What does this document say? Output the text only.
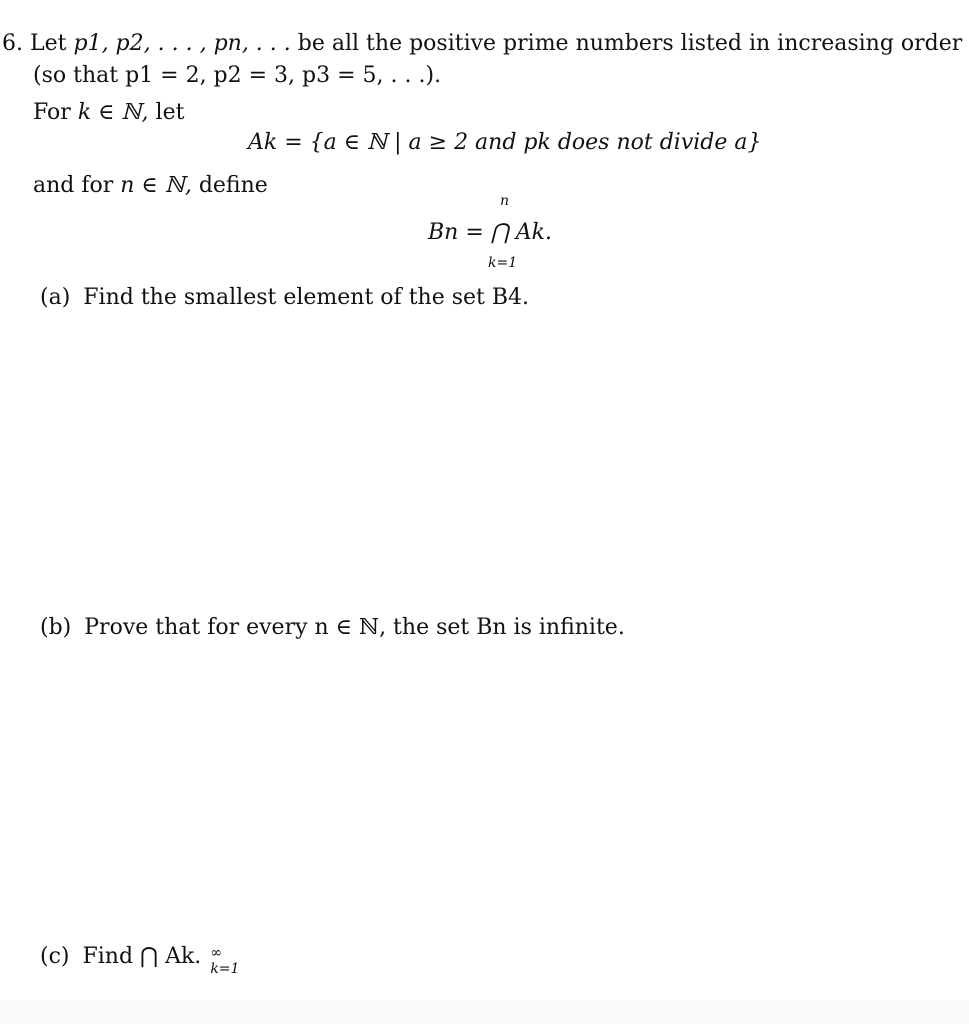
6. Let p1, p2, . . . , pn, . . . be all the positive prime numbers listed in increasing order
(so that p1 = 2, p2 = 3, p3 = 5, . . .).
For k ∈ ℕ, let
Ak = {a ∈ ℕ | a ≥ 2 and pk does not divide a}
and for n ∈ ℕ, define
n
Bn = ⋂ Ak.
k=1
(a) Find the smallest element of the set B4.
(b) Prove that for every n ∈ ℕ, the set Bn is infinite.
(c) Find ⋂ Ak. ∞
k=1
